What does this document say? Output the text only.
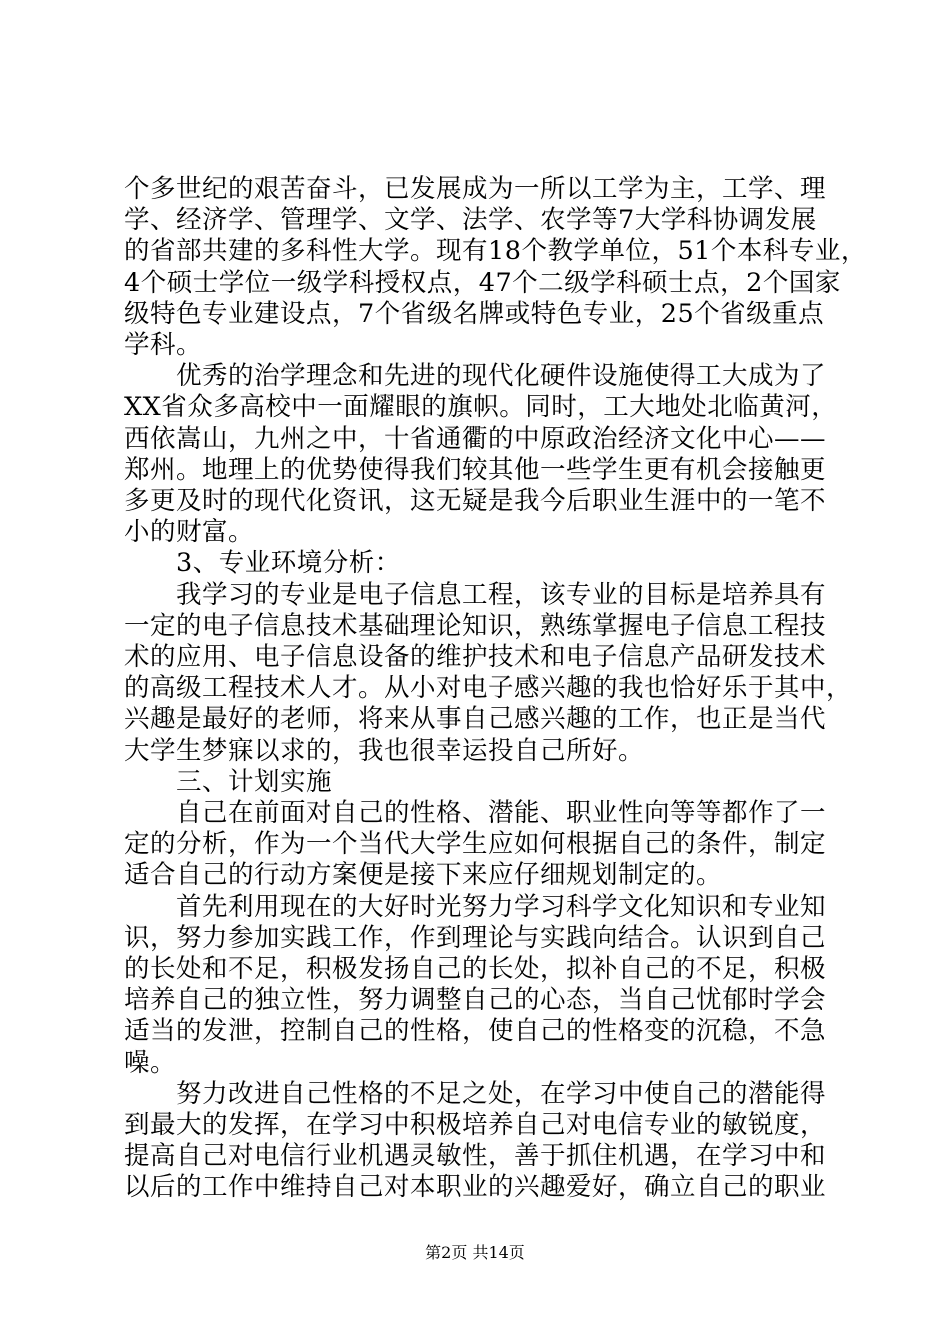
个多世纪的艰苦奋斗，已发展成为一所以工学为主，工学、理
学、经济学、管理学、文学、法学、农学等7大学科协调发展
的省部共建的多科性大学。现有18个教学单位，51个本科专业，
4个硕士学位一级学科授权点，47个二级学科硕士点，2个国家
级特色专业建设点，7个省级名牌或特色专业，25个省级重点
学科。
　　优秀的治学理念和先进的现代化硬件设施使得工大成为了
XX省众多高校中一面耀眼的旗帜。同时，工大地处北临黄河，
西依嵩山，九州之中，十省通衢的中原政治经济文化中心——
郑州。地理上的优势使得我们较其他一些学生更有机会接触更
多更及时的现代化资讯，这无疑是我今后职业生涯中的一笔不
小的财富。
　　3、专业环境分析：
　　我学习的专业是电子信息工程，该专业的目标是培养具有
一定的电子信息技术基础理论知识，熟练掌握电子信息工程技
术的应用、电子信息设备的维护技术和电子信息产品研发技术
的高级工程技术人才。从小对电子感兴趣的我也恰好乐于其中，
兴趣是最好的老师，将来从事自己感兴趣的工作，也正是当代
大学生梦寐以求的，我也很幸运投自己所好。
　　三、计划实施
　　自己在前面对自己的性格、潜能、职业性向等等都作了一
定的分析，作为一个当代大学生应如何根据自己的条件，制定
适合自己的行动方案便是接下来应仔细规划制定的。
　　首先利用现在的大好时光努力学习科学文化知识和专业知
识，努力参加实践工作，作到理论与实践向结合。认识到自己
的长处和不足，积极发扬自己的长处，拟补自己的不足，积极
培养自己的独立性，努力调整自己的心态，当自己忧郁时学会
适当的发泄，控制自己的性格，使自己的性格变的沉稳，不急
噪。
　　努力改进自己性格的不足之处，在学习中使自己的潜能得
到最大的发挥，在学习中积极培养自己对电信专业的敏锐度，
提高自己对电信行业机遇灵敏性，善于抓住机遇，在学习中和
以后的工作中维持自己对本职业的兴趣爱好，确立自己的职业
第2页 共14页
